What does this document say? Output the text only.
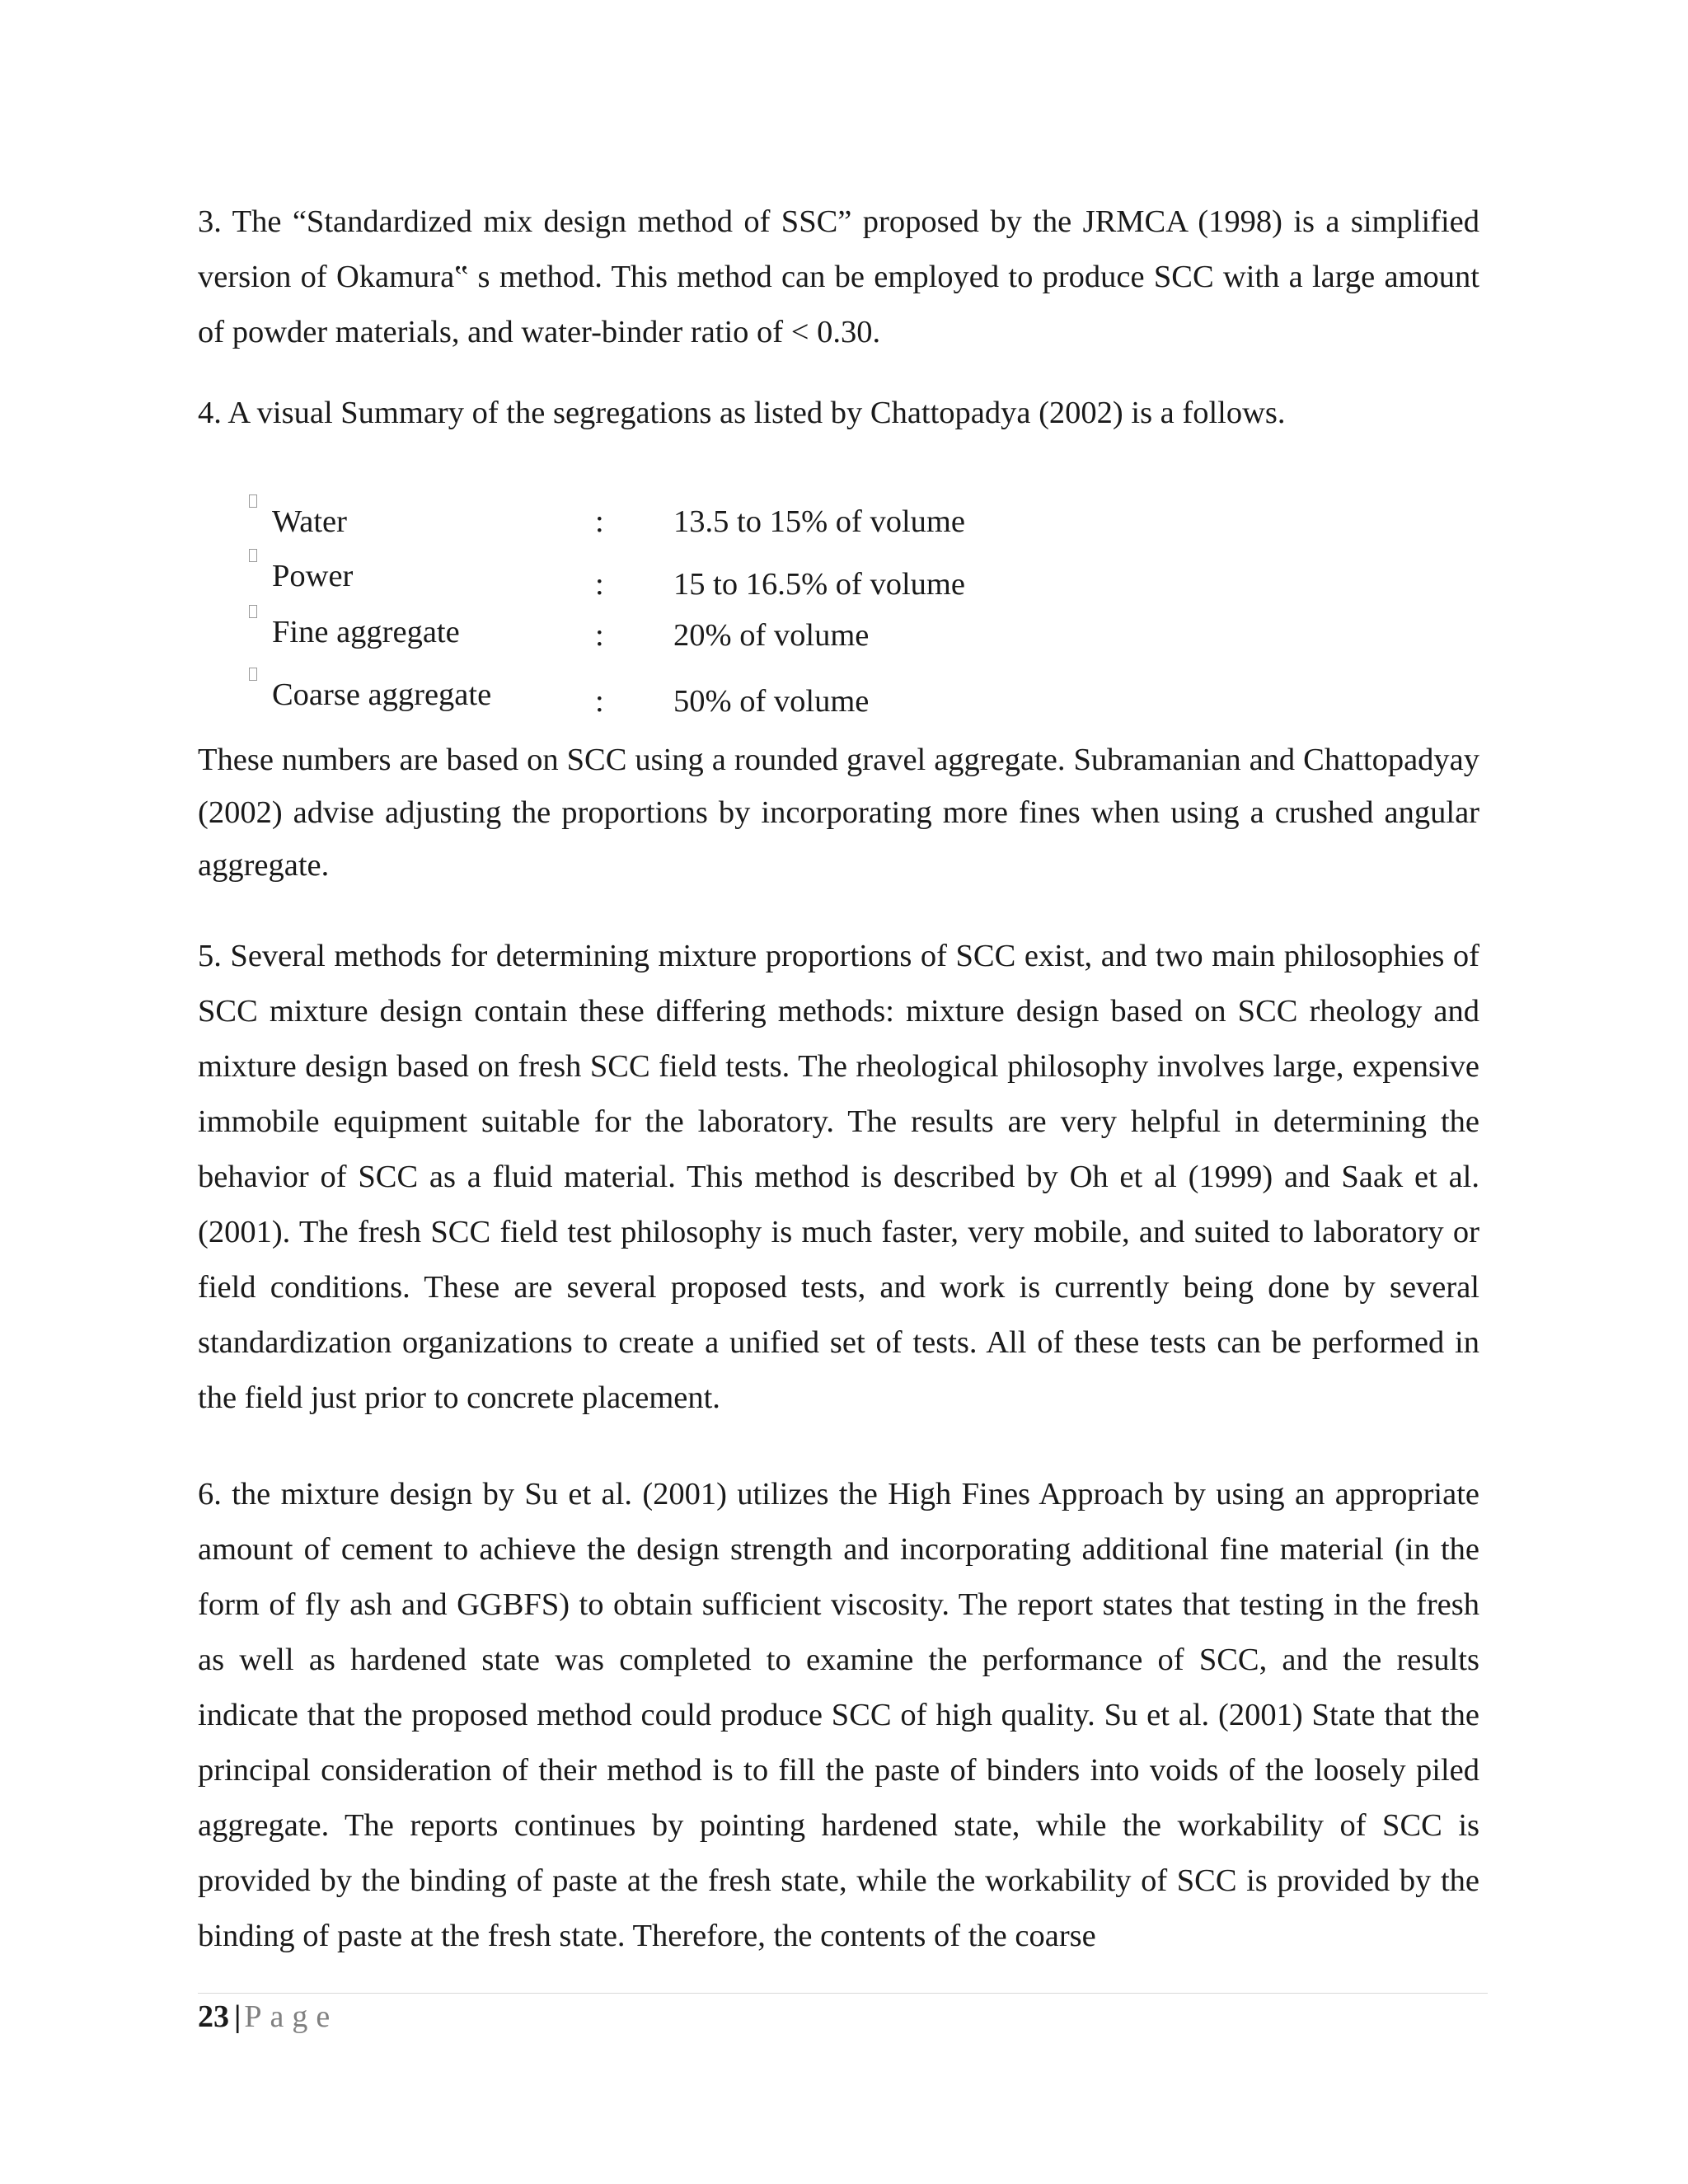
3. The “Standardized mix design method of SSC” proposed by the JRMCA (1998) is a simplified version of Okamura‟ s method. This method can be employed to produce SCC with a large amount of powder materials, and water-binder ratio of < 0.30.

4. A visual Summary of the segregations as listed by Chattopadya (2002) is a follows.

Water	: 13.5 to 15% of volume
Power	: 15 to 16.5% of volume
Fine aggregate	: 20% of volume
Coarse aggregate	: 50% of volume

These numbers are based on SCC using a rounded gravel aggregate. Subramanian and Chattopadyay (2002) advise adjusting the proportions by incorporating more fines when using a crushed angular aggregate.

5. Several methods for determining mixture proportions of SCC exist, and two main philosophies of SCC mixture design contain these differing methods: mixture design based on SCC rheology and mixture design based on fresh SCC field tests. The rheological philosophy involves large, expensive immobile equipment suitable for the laboratory. The results are very helpful in determining the behavior of SCC as a fluid material. This method is described by Oh et al (1999) and Saak et al.(2001). The fresh SCC field test philosophy is much faster, very mobile, and suited to laboratory or field conditions. These are several proposed tests, and work is currently being done by several standardization organizations to create a unified set of tests. All of these tests can be performed in the field just prior to concrete placement.

6. the mixture design by Su et al. (2001) utilizes the High Fines Approach by using an appropriate amount of cement to achieve the design strength and incorporating additional fine material (in the form of fly ash and GGBFS) to obtain sufficient viscosity. The report states that testing in the fresh as well as hardened state was completed to examine the performance of SCC, and the results indicate that the proposed method could produce SCC of high quality. Su et al. (2001) State that the principal consideration of their method is to fill the paste of binders into voids of the loosely piled aggregate. The reports continues by pointing hardened state, while the workability of SCC is provided by the binding of paste at the fresh state, while the workability of SCC is provided by the binding of paste at the fresh state. Therefore, the contents of the coarse

23 | Page
